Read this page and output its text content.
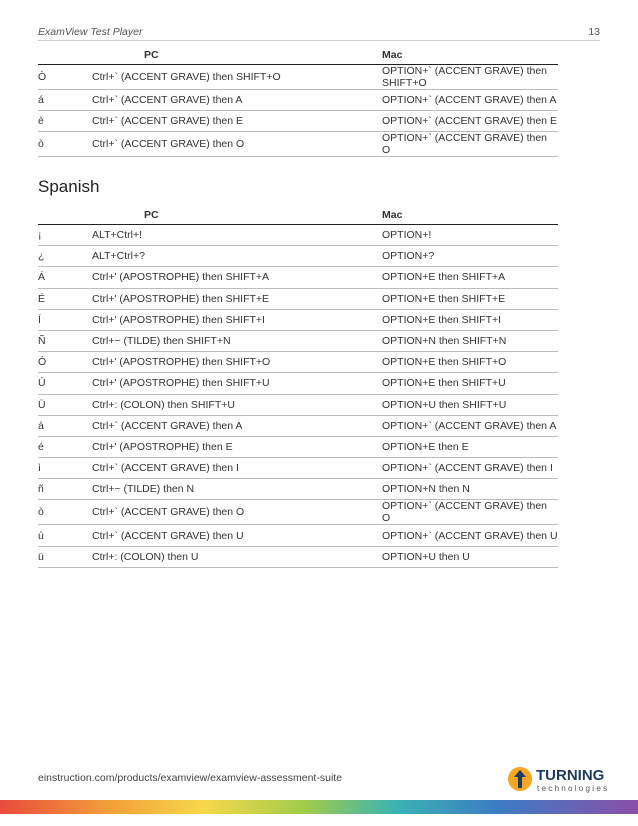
ExamView Test Player	13
	PC	Mac
Ò	Ctrl+` (ACCENT GRAVE) then SHIFT+O	OPTION+` (ACCENT GRAVE) then SHIFT+O
á	Ctrl+` (ACCENT GRAVE) then A	OPTION+` (ACCENT GRAVE) then A
è	Ctrl+` (ACCENT GRAVE) then E	OPTION+` (ACCENT GRAVE) then E
ò	Ctrl+` (ACCENT GRAVE) then O	OPTION+` (ACCENT GRAVE) then O
Spanish
	PC	Mac
¡	ALT+Ctrl+!	OPTION+!
¿	ALT+Ctrl+?	OPTION+?
Á	Ctrl+' (APOSTROPHE) then SHIFT+A	OPTION+E then SHIFT+A
É	Ctrl+' (APOSTROPHE) then SHIFT+E	OPTION+E then SHIFT+E
Í	Ctrl+' (APOSTROPHE) then SHIFT+I	OPTION+E then SHIFT+I
Ñ	Ctrl+~ (TILDE) then SHIFT+N	OPTION+N then SHIFT+N
Ó	Ctrl+' (APOSTROPHE) then SHIFT+O	OPTION+E then SHIFT+O
Ú	Ctrl+' (APOSTROPHE) then SHIFT+U	OPTION+E then SHIFT+U
Ü	Ctrl+: (COLON) then SHIFT+U	OPTION+U then SHIFT+U
á	Ctrl+` (ACCENT GRAVE) then A	OPTION+` (ACCENT GRAVE) then A
é	Ctrl+' (APOSTROPHE) then E	OPTION+E then E
ì	Ctrl+` (ACCENT GRAVE) then I	OPTION+` (ACCENT GRAVE) then I
ñ	Ctrl+~ (TILDE) then N	OPTION+N then N
ò	Ctrl+` (ACCENT GRAVE) then O	OPTION+` (ACCENT GRAVE) then O
ù	Ctrl+` (ACCENT GRAVE) then U	OPTION+` (ACCENT GRAVE) then U
ü	Ctrl+: (COLON) then U	OPTION+U then U
einstruction.com/products/examview/examview-assessment-suite	TURNING
technologies
